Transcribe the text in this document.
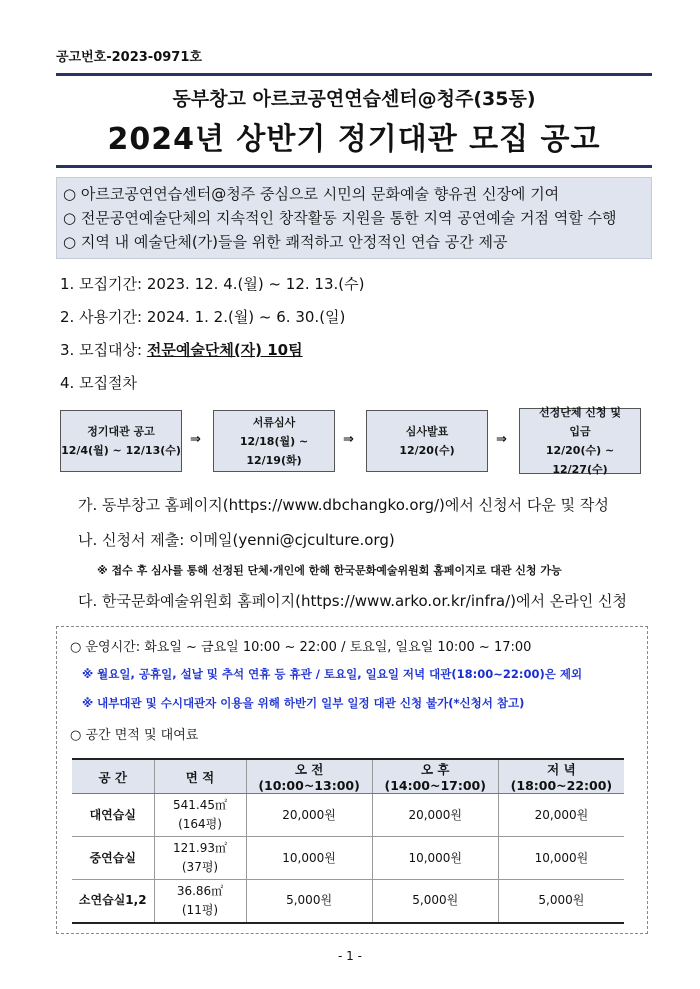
공고번호-2023-0971호
동부창고 아르코공연연습센터@청주(35동)
2024년 상반기 정기대관 모집 공고
○ 아르코공연연습센터@청주 중심으로 시민의 문화예술 향유권 신장에 기여
○ 전문공연예술단체의 지속적인 창작활동 지원을 통한 지역 공연예술 거점 역할 수행
○ 지역 내 예술단체(가)들을 위한 쾌적하고 안정적인 연습 공간 제공
1. 모집기간: 2023. 12. 4.(월) ~ 12. 13.(수)
2. 사용기간: 2024. 1. 2.(월) ~ 6. 30.(일)
3. 모집대상: 전문예술단체(자) 10팀
4. 모집절차
정기대관 공고
12/4(월) ~ 12/13(수)
⇒
서류심사
12/18(월) ~ 12/19(화)
⇒
심사발표
12/20(수)
⇒
선정단체 신청 및
입금
12/20(수) ~ 12/27(수)
가. 동부창고 홈페이지(https://www.dbchangko.org/)에서 신청서 다운 및 작성
나. 신청서 제출: 이메일(yenni@cjculture.org)
※ 접수 후 심사를 통해 선정된 단체·개인에 한해 한국문화예술위원회 홈페이지로 대관 신청 가능
다. 한국문화예술위원회 홈페이지(https://www.arko.or.kr/infra/)에서 온라인 신청
○ 운영시간: 화요일 ~ 금요일 10:00 ~ 22:00 / 토요일, 일요일 10:00 ~ 17:00
※ 월요일, 공휴일, 설날 및 추석 연휴 등 휴관 / 토요일, 일요일 저녁 대관(18:00~22:00)은 제외
※ 내부대관 및 수시대관자 이용을 위해 하반기 일부 일정 대관 신청 불가(*신청서 참고)
○ 공간 면적 및 대여료
공 간	면 적	오 전(10:00~13:00)	오 후(14:00~17:00)	저 녁(18:00~22:00)
대연습실	541.45㎡
(164평)	20,000원	20,000원	20,000원
중연습실	121.93㎡
(37평)	10,000원	10,000원	10,000원
소연습실1,2	36.86㎡
(11평)	5,000원	5,000원	5,000원
- 1 -
